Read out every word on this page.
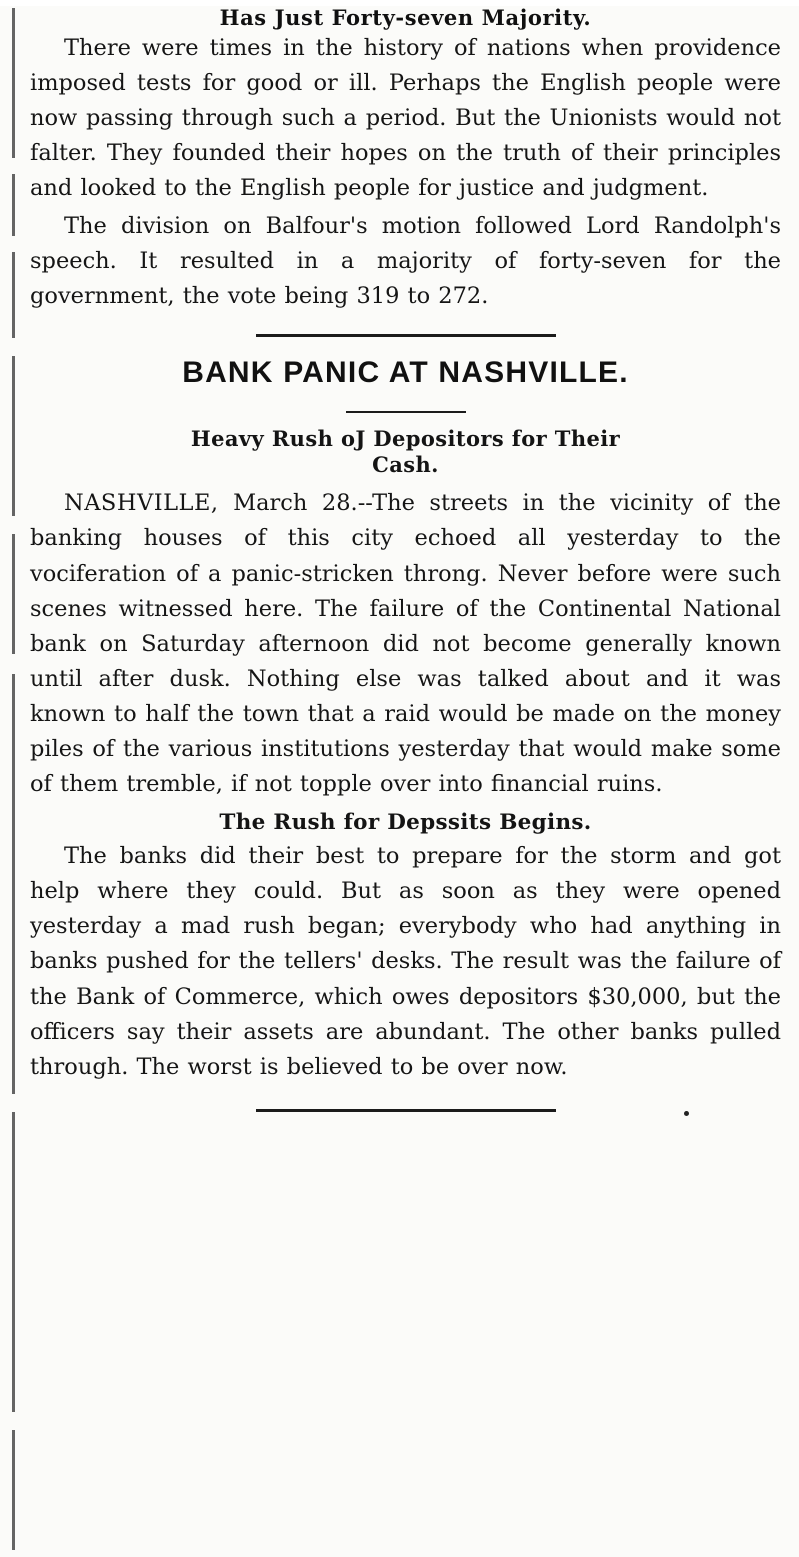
Has Just Forty-seven Majority.

There were times in the history of nations when providence imposed tests for good or ill. Perhaps the English people were now passing through such a period. But the Unionists would not falter. They founded their hopes on the truth of their principles and looked to the English people for justice and judgment.

The division on Balfour's motion followed Lord Randolph's speech. It resulted in a majority of forty-seven for the government, the vote being 319 to 272.

BANK PANIC AT NASHVILLE.
Heavy Rush oJ Depositors for Their
Cash.

NASHVILLE, March 28.--The streets in the vicinity of the banking houses of this city echoed all yesterday to the vociferation of a panic-stricken throng. Never before were such scenes witnessed here. The failure of the Continental National bank on Saturday afternoon did not become generally known until after dusk. Nothing else was talked about and it was known to half the town that a raid would be made on the money piles of the various institutions yesterday that would make some of them tremble, if not topple over into financial ruins.

The Rush for Depssits Begins.

The banks did their best to prepare for the storm and got help where they could. But as soon as they were opened yesterday a mad rush began; everybody who had anything in banks pushed for the tellers' desks. The result was the failure of the Bank of Commerce, which owes depositors $30,000, but the officers say their assets are abundant. The other banks pulled through. The worst is believed to be over now.
